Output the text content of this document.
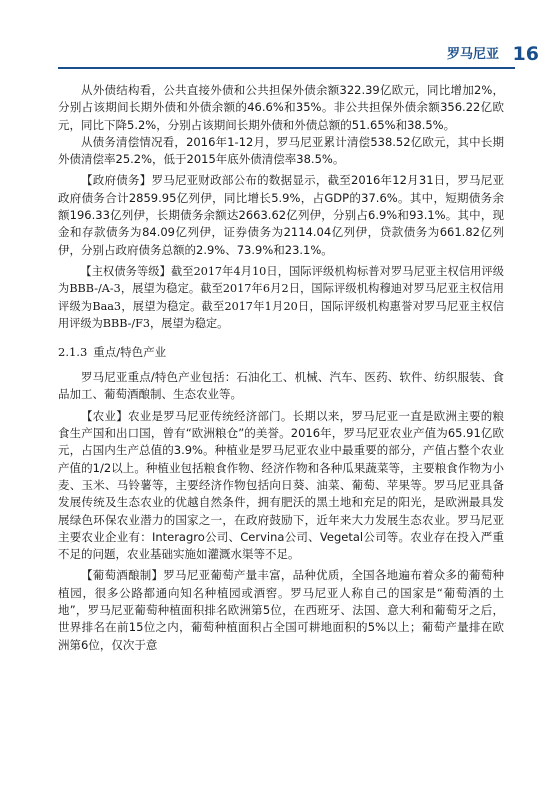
罗马尼亚 16

从外债结构看，公共直接外债和公共担保外债余额322.39亿欧元，同比增加2%，分别占该期间长期外债和外债余额的46.6%和35%。非公共担保外债余额356.22亿欧元，同比下降5.2%，分别占该期间长期外债和外债总额的51.65%和38.5%。

从债务清偿情况看，2016年1-12月，罗马尼亚累计清偿538.52亿欧元，其中长期外债清偿率25.2%，低于2015年底外债清偿率38.5%。

【政府债务】罗马尼亚财政部公布的数据显示，截至2016年12月31日，罗马尼亚政府债务合计2859.95亿列伊，同比增长5.9%，占GDP的37.6%。其中，短期债务余额196.33亿列伊，长期债务余额达2663.62亿列伊，分别占6.9%和93.1%。其中，现金和存款债务为84.09亿列伊，证券债务为2114.04亿列伊，贷款债务为661.82亿列伊，分别占政府债务总额的2.9%、73.9%和23.1%。

【主权债务等级】截至2017年4月10日，国际评级机构标普对罗马尼亚主权信用评级为BBB-/A-3，展望为稳定。截至2017年6月2日，国际评级机构穆迪对罗马尼亚主权信用评级为Baa3，展望为稳定。截至2017年1月20日，国际评级机构惠誉对罗马尼亚主权信用评级为BBB-/F3，展望为稳定。

2.1.3 重点/特色产业

罗马尼亚重点/特色产业包括：石油化工、机械、汽车、医药、软件、纺织服装、食品加工、葡萄酒酿制、生态农业等。

【农业】农业是罗马尼亚传统经济部门。长期以来，罗马尼亚一直是欧洲主要的粮食生产国和出口国，曾有“欧洲粮仓”的美誉。2016年，罗马尼亚农业产值为65.91亿欧元，占国内生产总值的3.9%。种植业是罗马尼亚农业中最重要的部分，产值占整个农业产值的1/2以上。种植业包括粮食作物、经济作物和各种瓜果蔬菜等，主要粮食作物为小麦、玉米、马铃薯等，主要经济作物包括向日葵、油菜、葡萄、苹果等。罗马尼亚具备发展传统及生态农业的优越自然条件，拥有肥沃的黑土地和充足的阳光，是欧洲最具发展绿色环保农业潜力的国家之一，在政府鼓励下，近年来大力发展生态农业。罗马尼亚主要农业企业有：Interagro公司、Cervina公司、Vegetal公司等。农业存在投入严重不足的问题，农业基础实施如灌溉水渠等不足。

【葡萄酒酿制】罗马尼亚葡萄产量丰富，品种优质，全国各地遍布着众多的葡萄种植园，很多公路都通向知名种植园或酒窖。罗马尼亚人称自己的国家是“葡萄酒的土地”，罗马尼亚葡萄种植面积排名欧洲第5位，在西班牙、法国、意大利和葡萄牙之后，世界排名在前15位之内，葡萄种植面积占全国可耕地面积的5%以上；葡萄产量排在欧洲第6位，仅次于意
